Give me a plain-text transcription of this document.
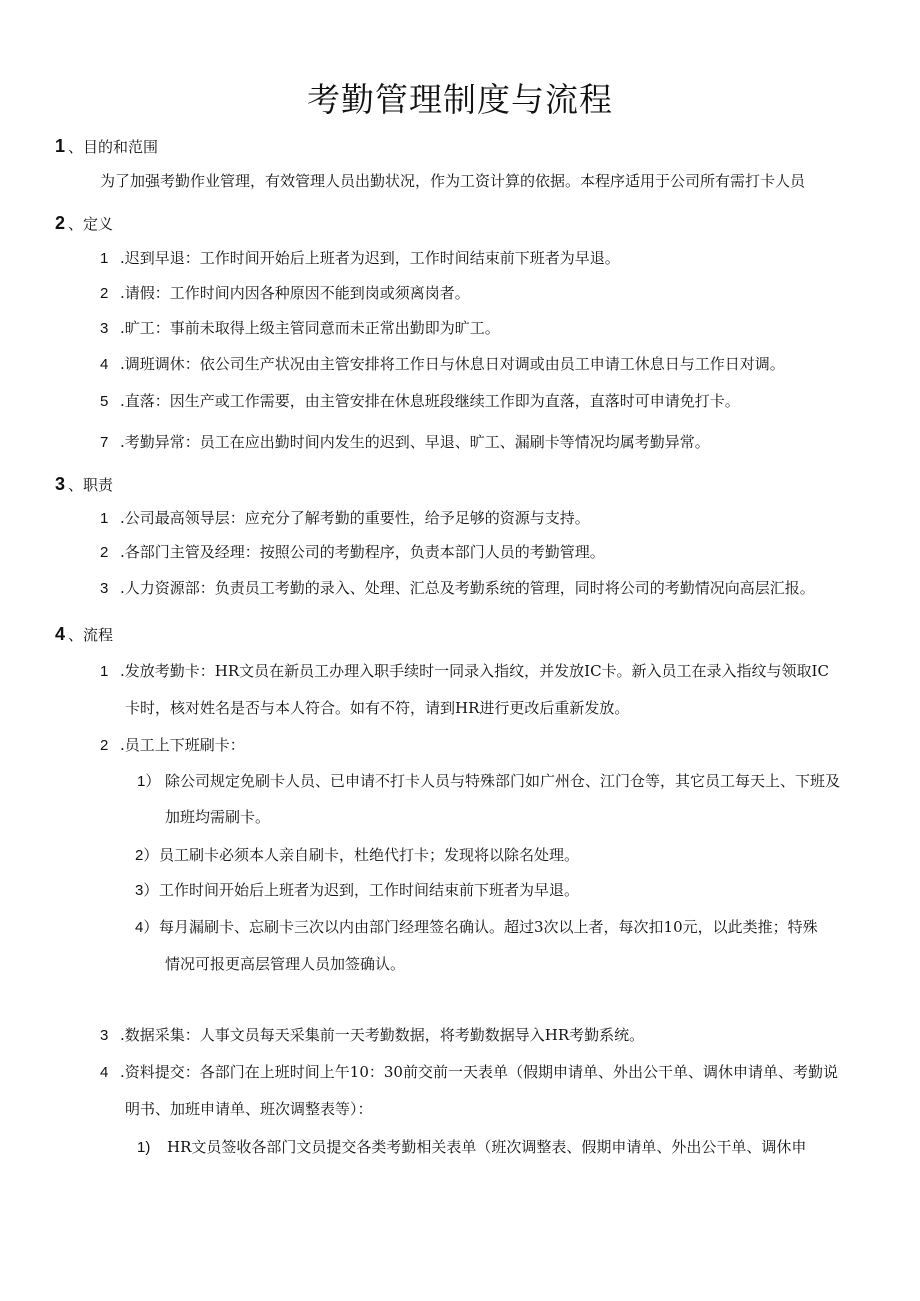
考勤管理制度与流程
1 、目的和范围
为了加强考勤作业管理，有效管理人员出勤状况，作为工资计算的依据。本程序适用于公司所有需打卡人员
2 、定义
1 .迟到早退：工作时间开始后上班者为迟到，工作时间结束前下班者为早退。
2 .请假：工作时间内因各种原因不能到岗或须离岗者。
3 .旷工：事前未取得上级主管同意而未正常出勤即为旷工。
4 .调班调休：依公司生产状况由主管安排将工作日与休息日对调或由员工申请工休息日与工作日对调。
5 .直落：因生产或工作需要，由主管安排在休息班段继续工作即为直落，直落时可申请免打卡。
7 .考勤异常：员工在应出勤时间内发生的迟到、早退、旷工、漏刷卡等情况均属考勤异常。
3 、职责
1 .公司最高领导层：应充分了解考勤的重要性，给予足够的资源与支持。
2 .各部门主管及经理：按照公司的考勤程序，负责本部门人员的考勤管理。
3 .人力资源部：负责员工考勤的录入、处理、汇总及考勤系统的管理，同时将公司的考勤情况向高层汇报。
4 、流程
1 .发放考勤卡：HR文员在新员工办理入职手续时一同录入指纹，并发放IC卡。新入员工在录入指纹与领取IC
卡时，核对姓名是否与本人符合。如有不符，请到HR进行更改后重新发放。
2 .员工上下班刷卡：
1） 除公司规定免刷卡人员、已申请不打卡人员与特殊部门如广州仓、江门仓等，其它员工每天上、下班及
加班均需刷卡。
2）员工刷卡必须本人亲自刷卡，杜绝代打卡；发现将以除名处理。
3）工作时间开始后上班者为迟到，工作时间结束前下班者为早退。
4）每月漏刷卡、忘刷卡三次以内由部门经理签名确认。超过3次以上者，每次扣10元，以此类推；特殊
情况可报更高层管理人员加签确认。
3 .数据采集：人事文员每天采集前一天考勤数据，将考勤数据导入HR考勤系统。
4 .资料提交：各部门在上班时间上午10：30前交前一天表单（假期申请单、外出公干单、调休申请单、考勤说
明书、加班申请单、班次调整表等）：
1) HR文员签收各部门文员提交各类考勤相关表单（班次调整表、假期申请单、外出公干单、调休申
